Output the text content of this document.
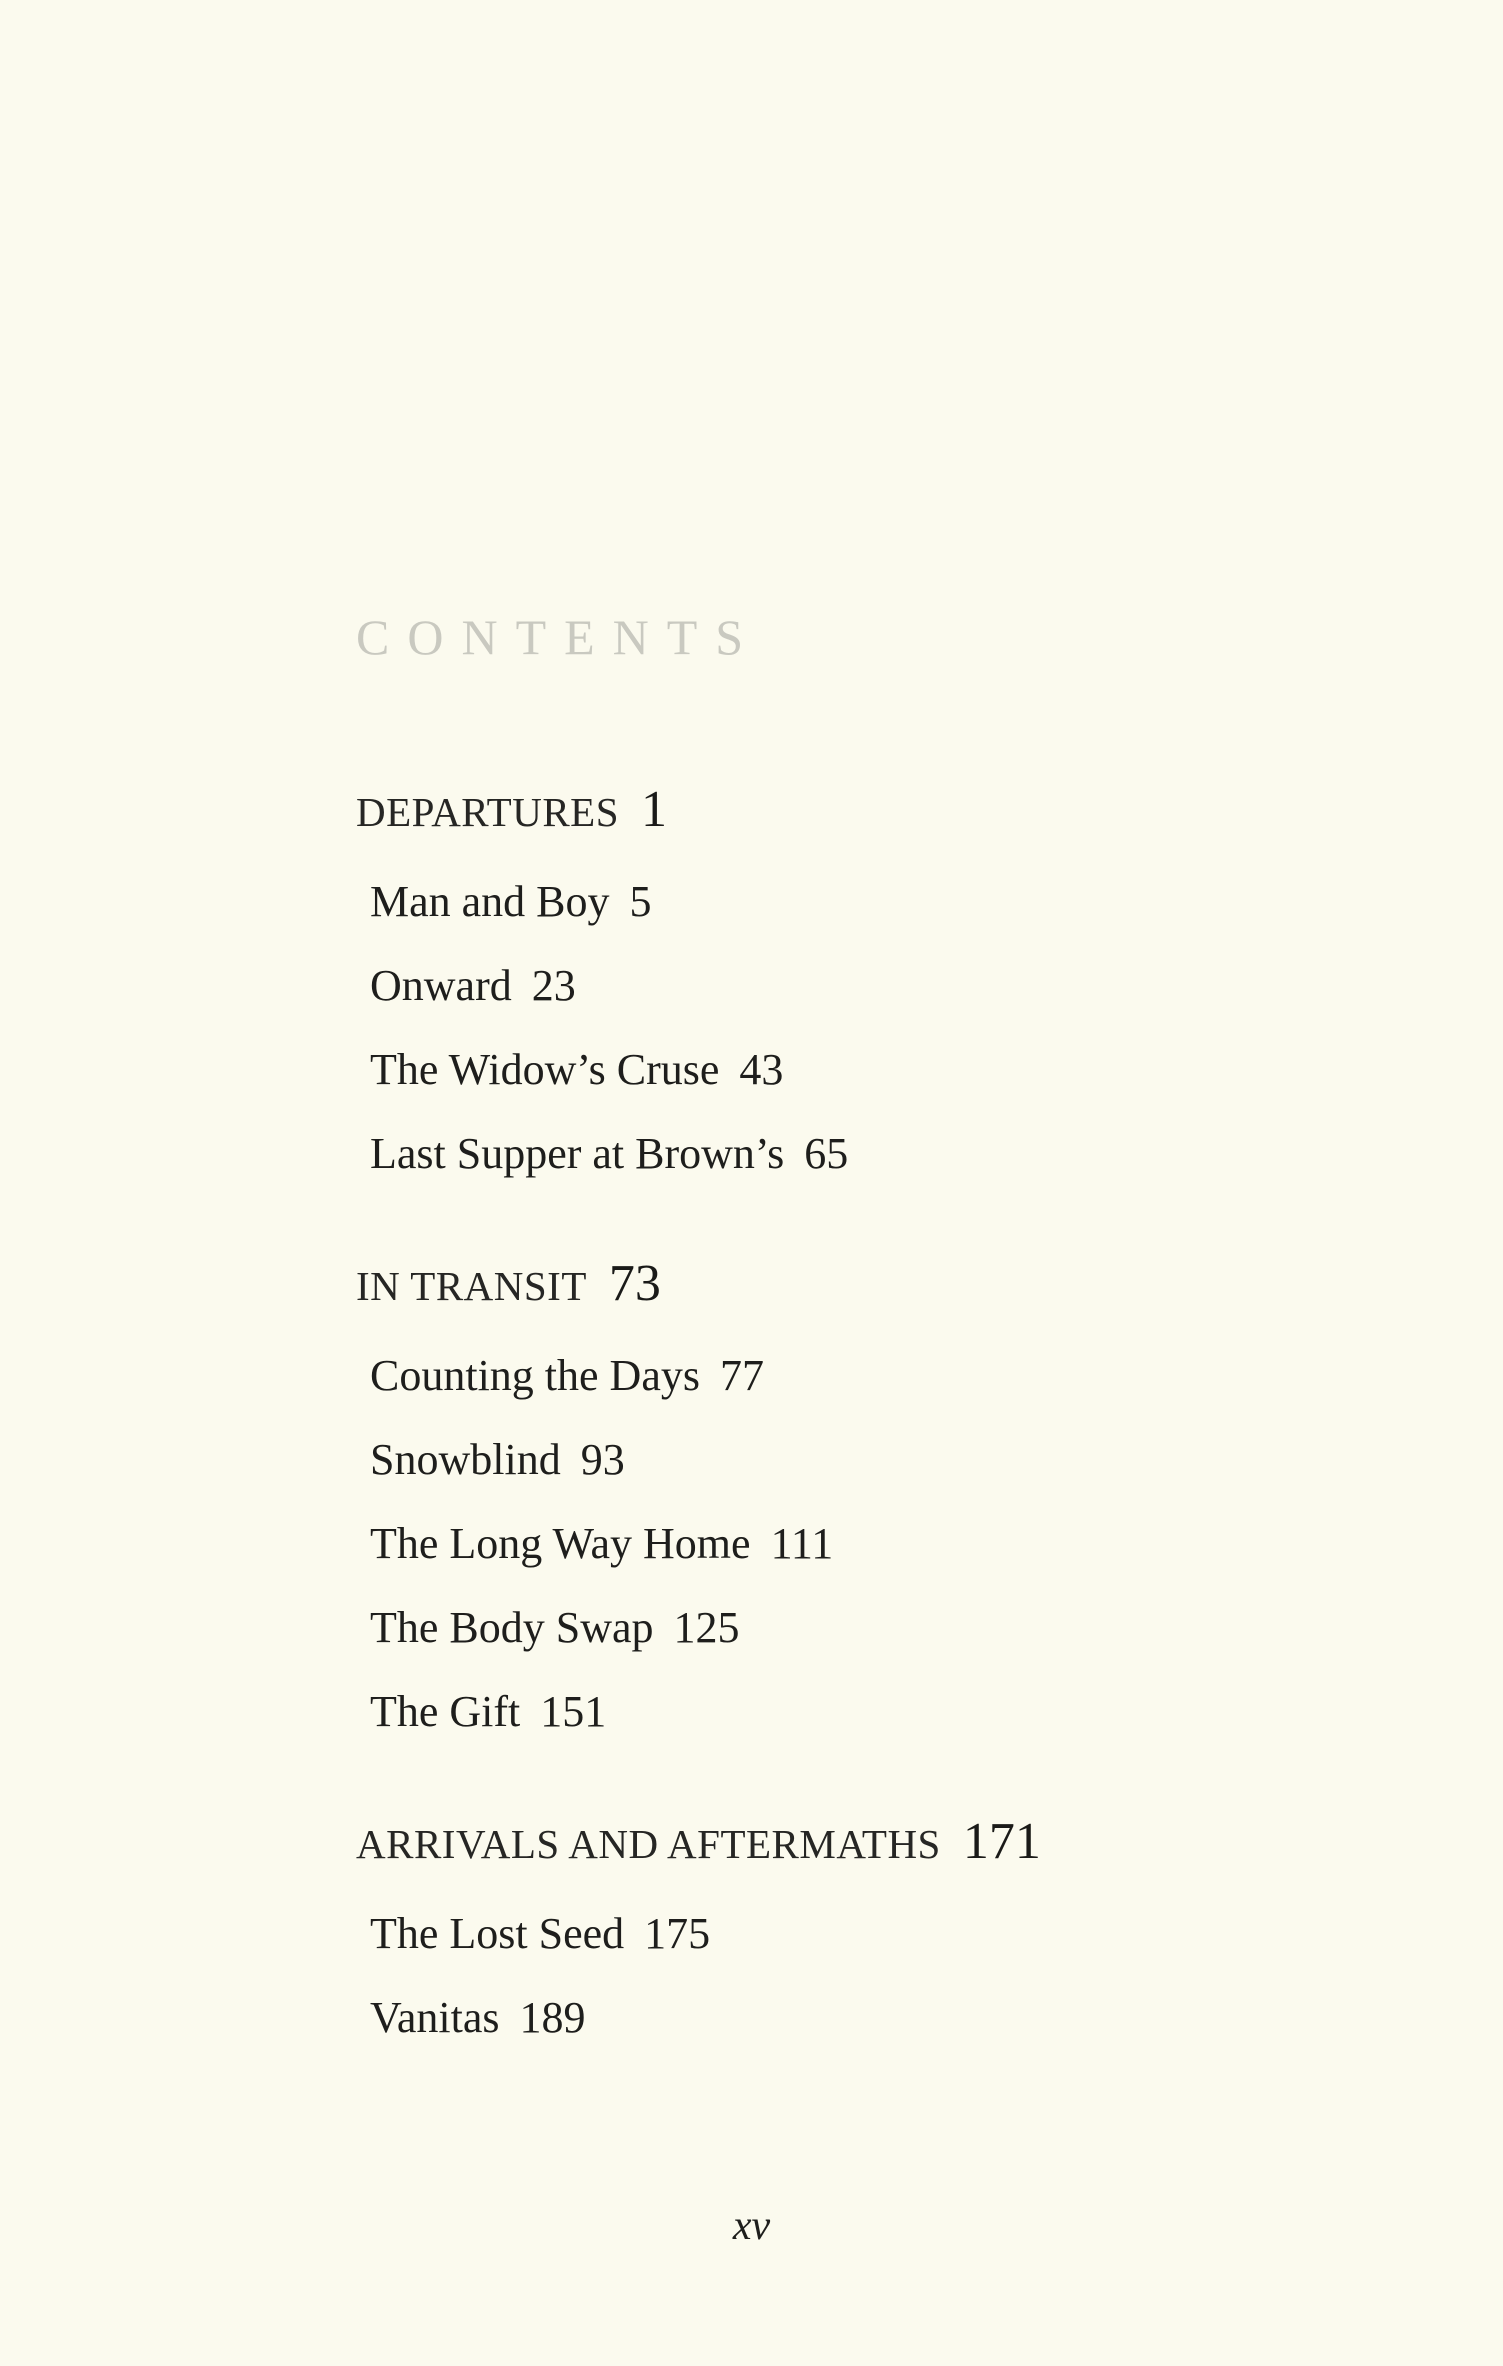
CONTENTS

DEPARTURES 1

Man and Boy 5
Onward 23
The Widow’s Cruse 43
Last Supper at Brown’s 65

IN TRANSIT 73

Counting the Days 77
Snowblind 93
The Long Way Home 111
The Body Swap 125
The Gift 151

ARRIVALS AND AFTERMATHS 171

The Lost Seed 175
Vanitas 189
xv
